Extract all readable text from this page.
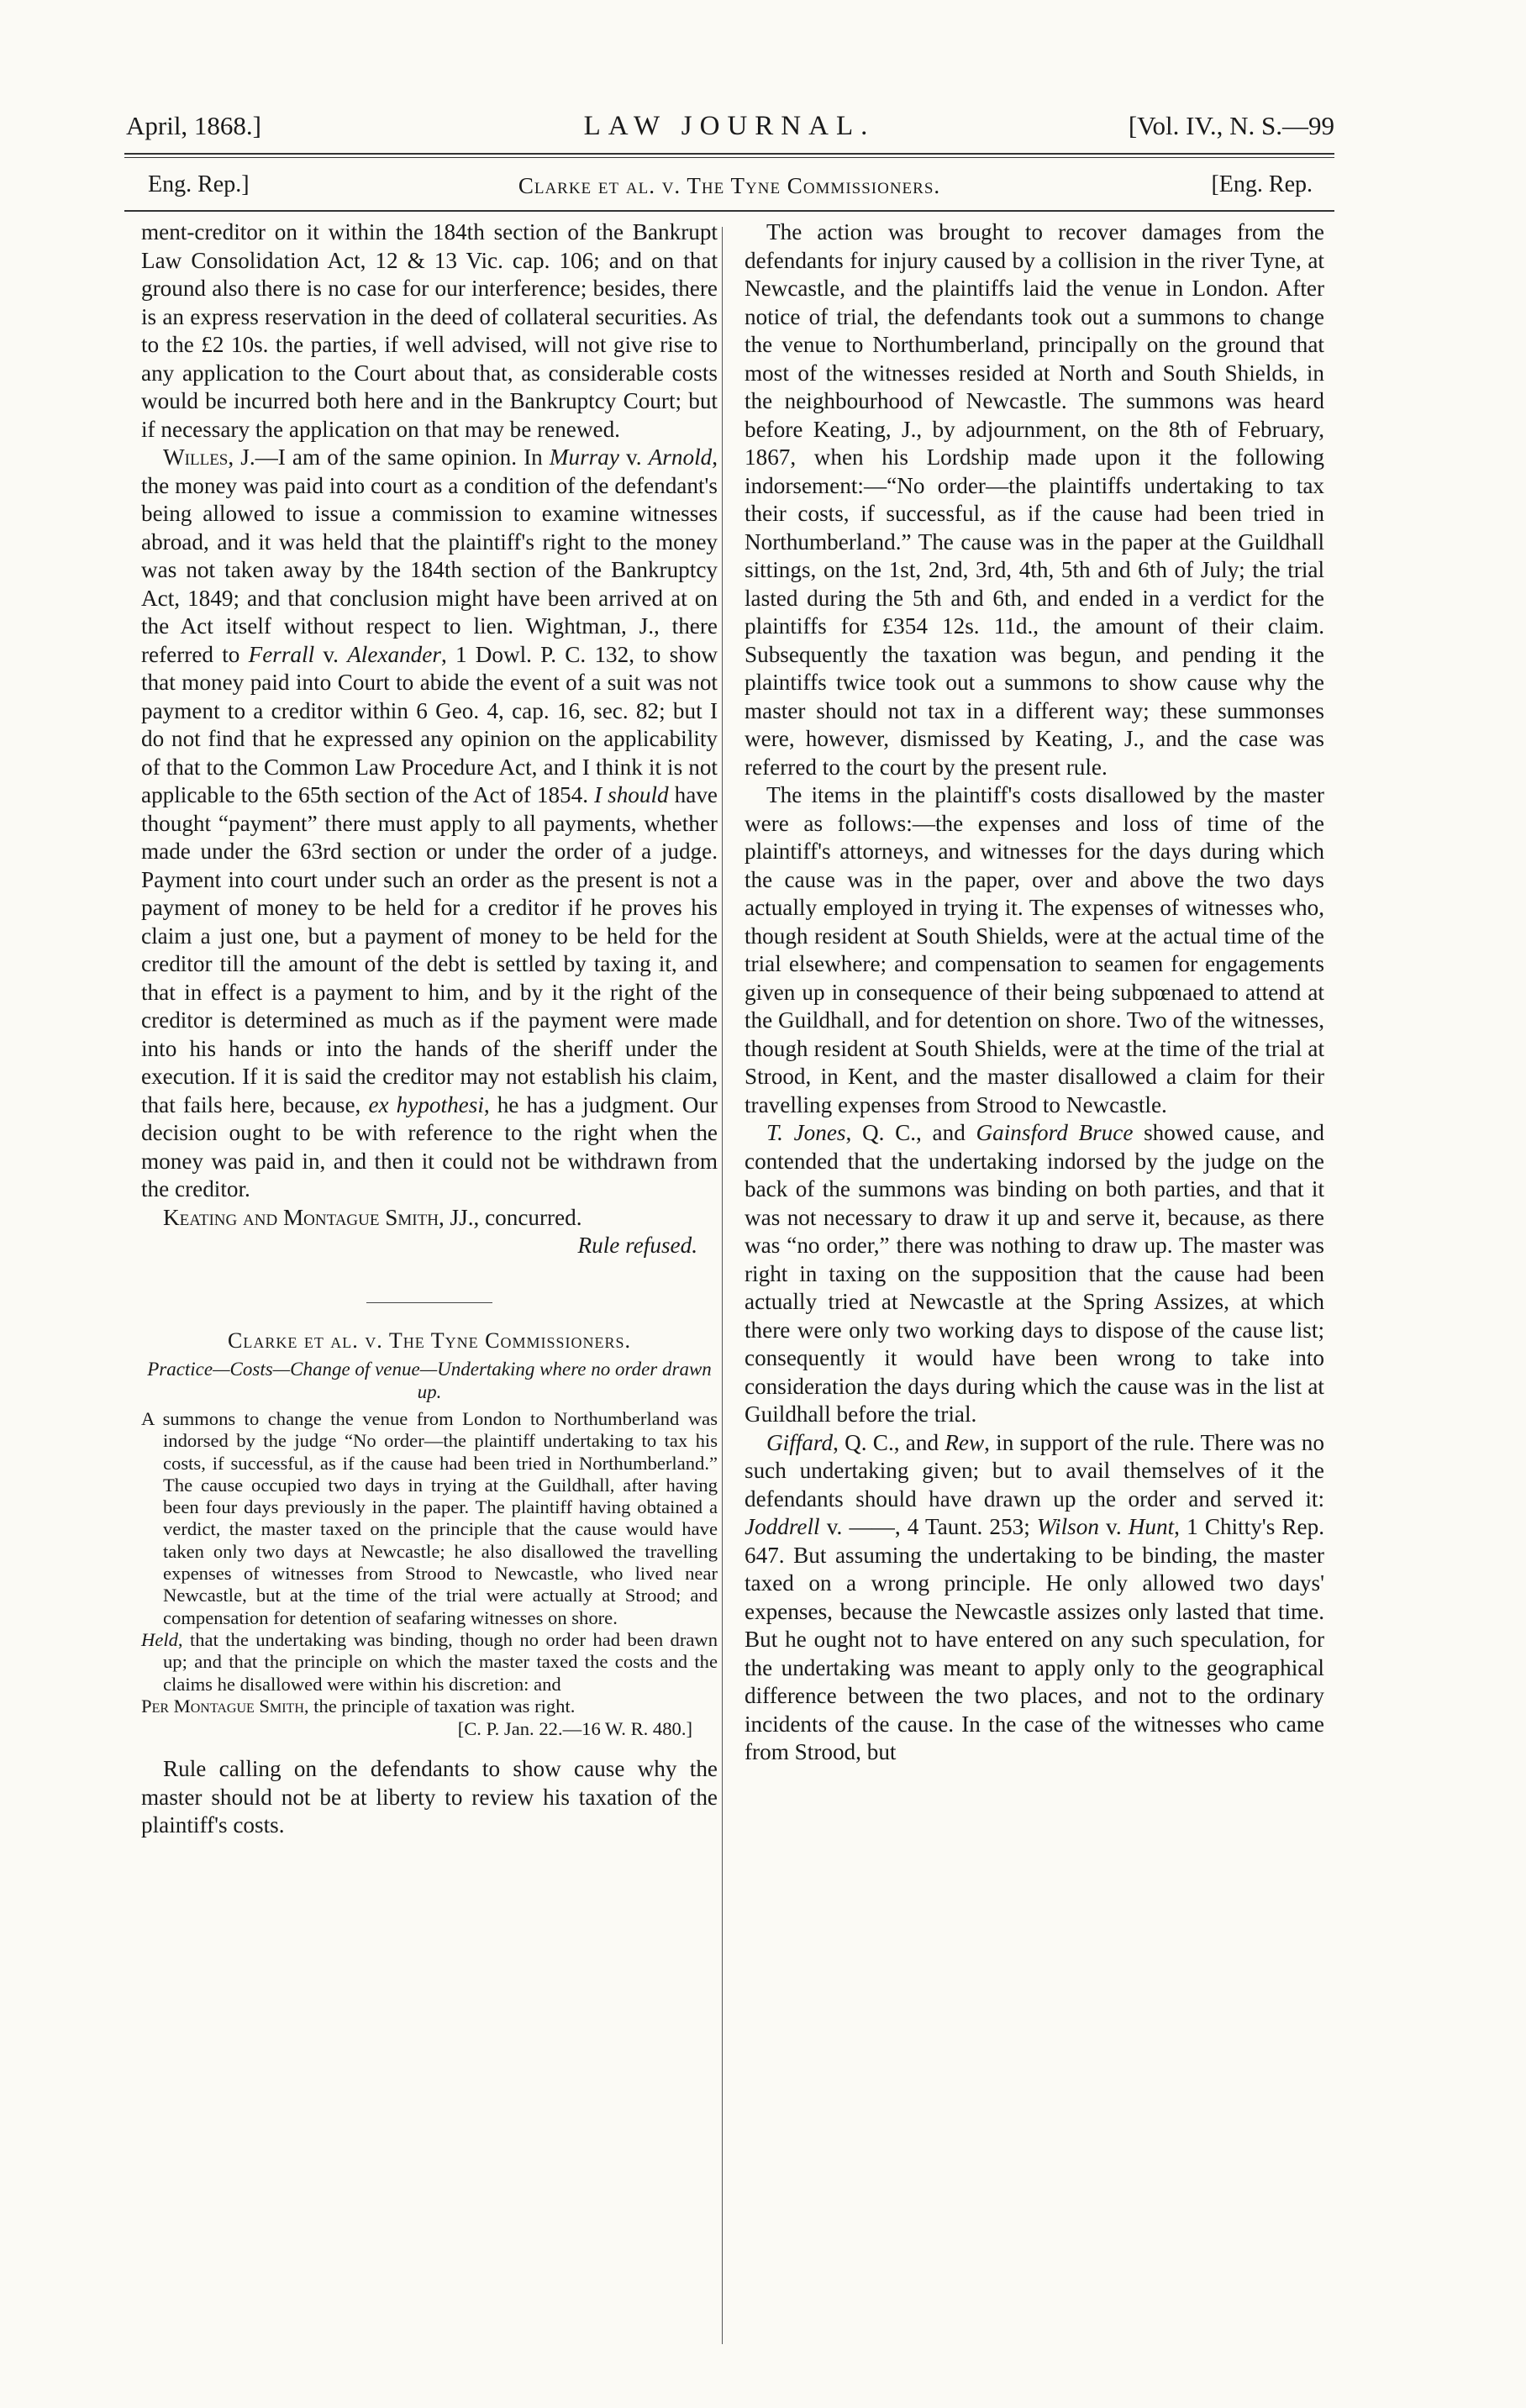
April, 1868.]	LAW JOURNAL.	[Vol. IV., N. S.—99
Eng. Rep.]	Clarke et al. v. The Tyne Commissioners.	[Eng. Rep.

ment-creditor on it within the 184th section of the Bankrupt Law Consolidation Act, 12 & 13 Vic. cap. 106; and on that ground also there is no case for our interference; besides, there is an express reservation in the deed of collateral securities. As to the £2 10s. the parties, if well advised, will not give rise to any application to the Court about that, as considerable costs would be incurred both here and in the Bankruptcy Court; but if necessary the application on that may be renewed.

Willes, J.—I am of the same opinion. In Murray v. Arnold, the money was paid into court as a condition of the defendant's being allowed to issue a commission to examine witnesses abroad, and it was held that the plaintiff's right to the money was not taken away by the 184th section of the Bankruptcy Act, 1849; and that conclusion might have been arrived at on the Act itself without respect to lien. Wightman, J., there referred to Ferrall v. Alexander, 1 Dowl. P. C. 132, to show that money paid into Court to abide the event of a suit was not payment to a creditor within 6 Geo. 4, cap. 16, sec. 82; but I do not find that he expressed any opinion on the applicability of that to the Common Law Procedure Act, and I think it is not applicable to the 65th section of the Act of 1854. I should have thought “payment” there must apply to all payments, whether made under the 63rd section or under the order of a judge. Payment into court under such an order as the present is not a payment of money to be held for a creditor if he proves his claim a just one, but a payment of money to be held for the creditor till the amount of the debt is settled by taxing it, and that in effect is a payment to him, and by it the right of the creditor is determined as much as if the payment were made into his hands or into the hands of the sheriff under the execution. If it is said the creditor may not establish his claim, that fails here, because, ex hypothesi, he has a judgment. Our decision ought to be with reference to the right when the money was paid in, and then it could not be withdrawn from the creditor.

Keating and Montague Smith, JJ., concurred.

Rule refused.

Clarke et al. v. The Tyne Commissioners.

Practice—Costs—Change of venue—Undertaking where no order drawn up.

A summons to change the venue from London to Northumberland was indorsed by the judge “No order—the plaintiff undertaking to tax his costs, if successful, as if the cause had been tried in Northumberland.” The cause occupied two days in trying at the Guildhall, after having been four days previously in the paper. The plaintiff having obtained a verdict, the master taxed on the principle that the cause would have taken only two days at Newcastle; he also disallowed the travelling expenses of witnesses from Strood to Newcastle, who lived near Newcastle, but at the time of the trial were actually at Strood; and compensation for detention of seafaring witnesses on shore.

Held, that the undertaking was binding, though no order had been drawn up; and that the principle on which the master taxed the costs and the claims he disallowed were within his discretion: and

Per Montague Smith, the principle of taxation was right.

[C. P. Jan. 22.—16 W. R. 480.]

Rule calling on the defendants to show cause why the master should not be at liberty to review his taxation of the plaintiff's costs.

The action was brought to recover damages from the defendants for injury caused by a collision in the river Tyne, at Newcastle, and the plaintiffs laid the venue in London. After notice of trial, the defendants took out a summons to change the venue to Northumberland, principally on the ground that most of the witnesses resided at North and South Shields, in the neighbourhood of Newcastle. The summons was heard before Keating, J., by adjournment, on the 8th of February, 1867, when his Lordship made upon it the following indorsement:—“No order—the plaintiffs undertaking to tax their costs, if successful, as if the cause had been tried in Northumberland.” The cause was in the paper at the Guildhall sittings, on the 1st, 2nd, 3rd, 4th, 5th and 6th of July; the trial lasted during the 5th and 6th, and ended in a verdict for the plaintiffs for £354 12s. 11d., the amount of their claim. Subsequently the taxation was begun, and pending it the plaintiffs twice took out a summons to show cause why the master should not tax in a different way; these summonses were, however, dismissed by Keating, J., and the case was referred to the court by the present rule.

The items in the plaintiff's costs disallowed by the master were as follows:—the expenses and loss of time of the plaintiff's attorneys, and witnesses for the days during which the cause was in the paper, over and above the two days actually employed in trying it. The expenses of witnesses who, though resident at South Shields, were at the actual time of the trial elsewhere; and compensation to seamen for engagements given up in consequence of their being subpœnaed to attend at the Guildhall, and for detention on shore. Two of the witnesses, though resident at South Shields, were at the time of the trial at Strood, in Kent, and the master disallowed a claim for their travelling expenses from Strood to Newcastle.

T. Jones, Q. C., and Gainsford Bruce showed cause, and contended that the undertaking indorsed by the judge on the back of the summons was binding on both parties, and that it was not necessary to draw it up and serve it, because, as there was “no order,” there was nothing to draw up. The master was right in taxing on the supposition that the cause had been actually tried at Newcastle at the Spring Assizes, at which there were only two working days to dispose of the cause list; consequently it would have been wrong to take into consideration the days during which the cause was in the list at Guildhall before the trial.

Giffard, Q. C., and Rew, in support of the rule. There was no such undertaking given; but to avail themselves of it the defendants should have drawn up the order and served it: Joddrell v. ——, 4 Taunt. 253; Wilson v. Hunt, 1 Chitty's Rep. 647. But assuming the undertaking to be binding, the master taxed on a wrong principle. He only allowed two days' expenses, because the Newcastle assizes only lasted that time. But he ought not to have entered on any such speculation, for the undertaking was meant to apply only to the geographical difference between the two places, and not to the ordinary incidents of the cause. In the case of the witnesses who came from Strood, but
